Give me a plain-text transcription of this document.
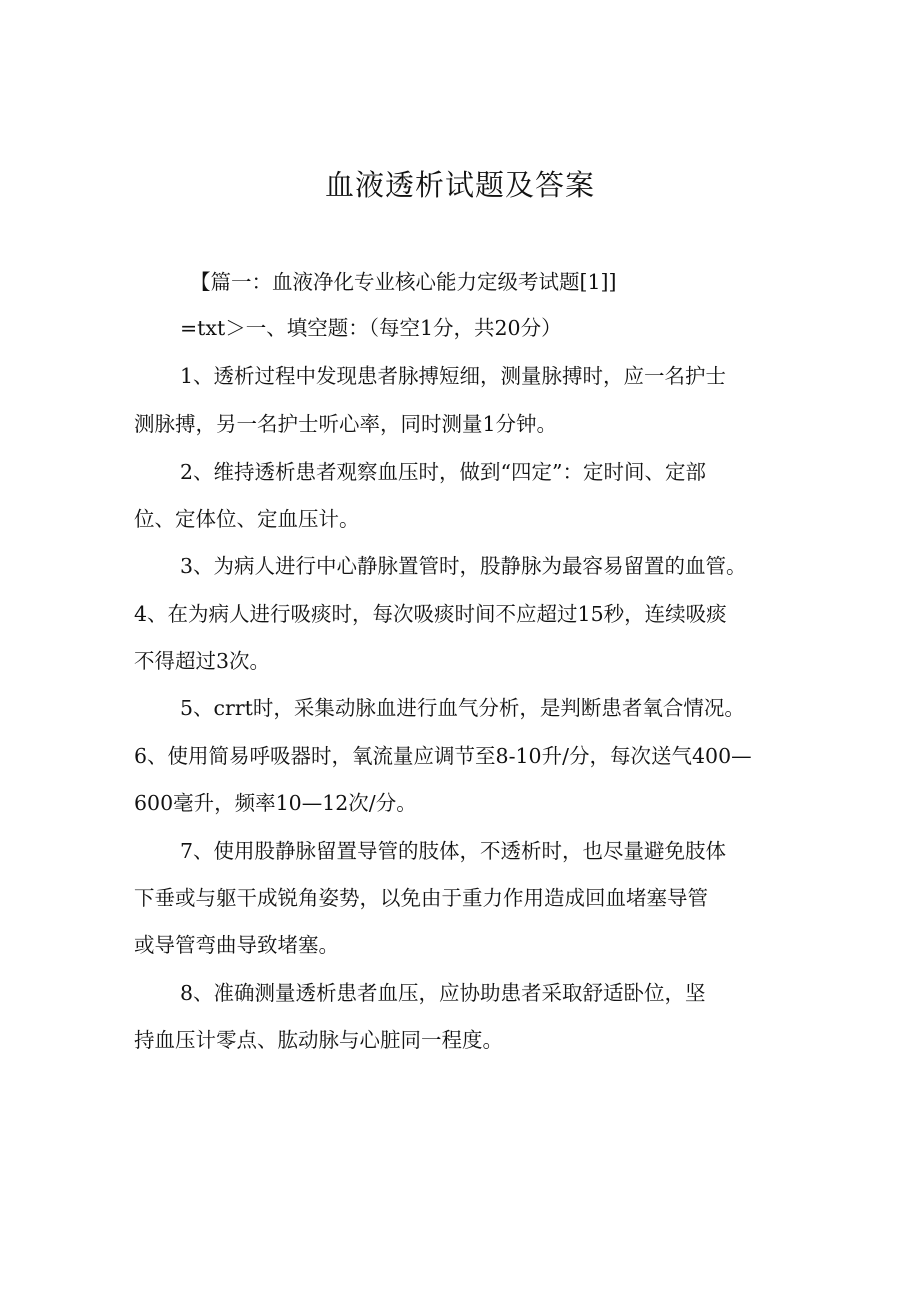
血液透析试题及答案
【篇一：血液净化专业核心能力定级考试题[1]]
=txt＞一、填空题：（每空1分，共20分）
1、透析过程中发现患者脉搏短细，测量脉搏时，应一名护士
测脉搏，另一名护士听心率，同时测量1分钟。
2、维持透析患者观察血压时，做到“四定”：定时间、定部
位、定体位、定血压计。
3、为病人进行中心静脉置管时，股静脉为最容易留置的血管。
4、在为病人进行吸痰时，每次吸痰时间不应超过15秒，连续吸痰
不得超过3次。
5、crrt时，采集动脉血进行血气分析，是判断患者氧合情况。
6、使用简易呼吸器时，氧流量应调节至8-10升/分，每次送气400—
600毫升，频率10—12次/分。
7、使用股静脉留置导管的肢体，不透析时，也尽量避免肢体
下垂或与躯干成锐角姿势，以免由于重力作用造成回血堵塞导管
或导管弯曲导致堵塞。
8、准确测量透析患者血压，应协助患者采取舒适卧位，坚
持血压计零点、肱动脉与心脏同一程度。
